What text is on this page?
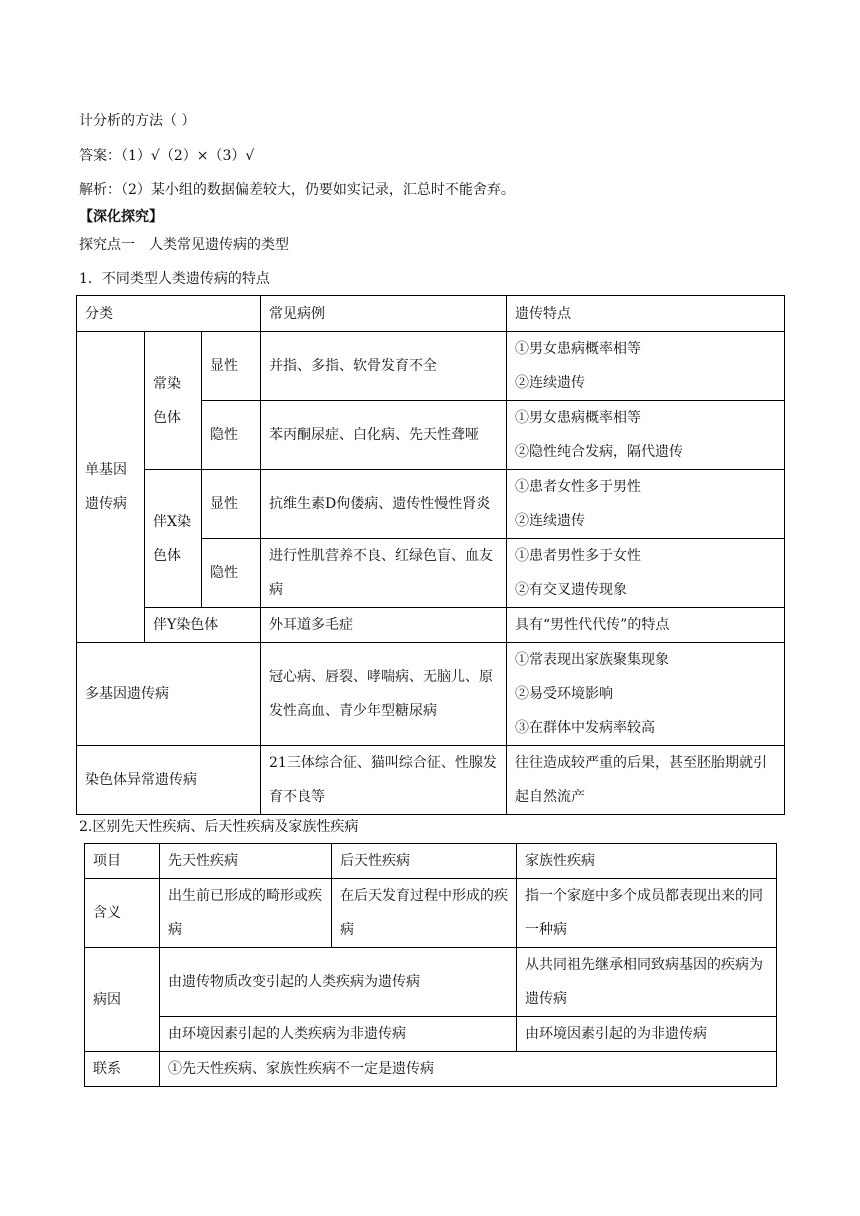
计分析的方法（ ）
答案：（1）√（2）×（3）√
解析：（2）某小组的数据偏差较大，仍要如实记录，汇总时不能舍弃。
【深化探究】
探究点一　人类常见遗传病的类型
1．不同类型人类遗传病的特点
分类			常见病例	遗传特点
单基因遗传病	常染色体	显性	并指、多指、软骨发育不全	①男女患病概率相等
②连续遗传

		隐性	苯丙酮尿症、白化病、先天性聋哑	①男女患病概率相等
②隐性纯合发病，隔代遗传

	伴X染色体	显性	抗维生素D佝偻病、遗传性慢性肾炎	①患者女性多于男性
②连续遗传

		隐性	进行性肌营养不良、红绿色盲、血友病	①患者男性多于女性
②有交叉遗传现象

	伴Y染色体		外耳道多毛症	具有“男性代代传”的特点
多基因遗传病			冠心病、唇裂、哮喘病、无脑儿、原发性高血、青少年型糖尿病	①常表现出家族聚集现象
②易受环境影响
③在群体中发病率较高

染色体异常遗传病			21三体综合征、猫叫综合征、性腺发育不良等	往往造成较严重的后果，甚至胚胎期就引起自然流产
2.区别先天性疾病、后天性疾病及家族性疾病
项目	先天性疾病	后天性疾病	家族性疾病
含义	出生前已形成的畸形或疾病	在后天发育过程中形成的疾病	指一个家庭中多个成员都表现出来的同一种病
病因	由遗传物质改变引起的人类疾病为遗传病		从共同祖先继承相同致病基因的疾病为遗传病
	由环境因素引起的人类疾病为非遗传病		由环境因素引起的为非遗传病
联系	①先天性疾病、家族性疾病不一定是遗传病		
